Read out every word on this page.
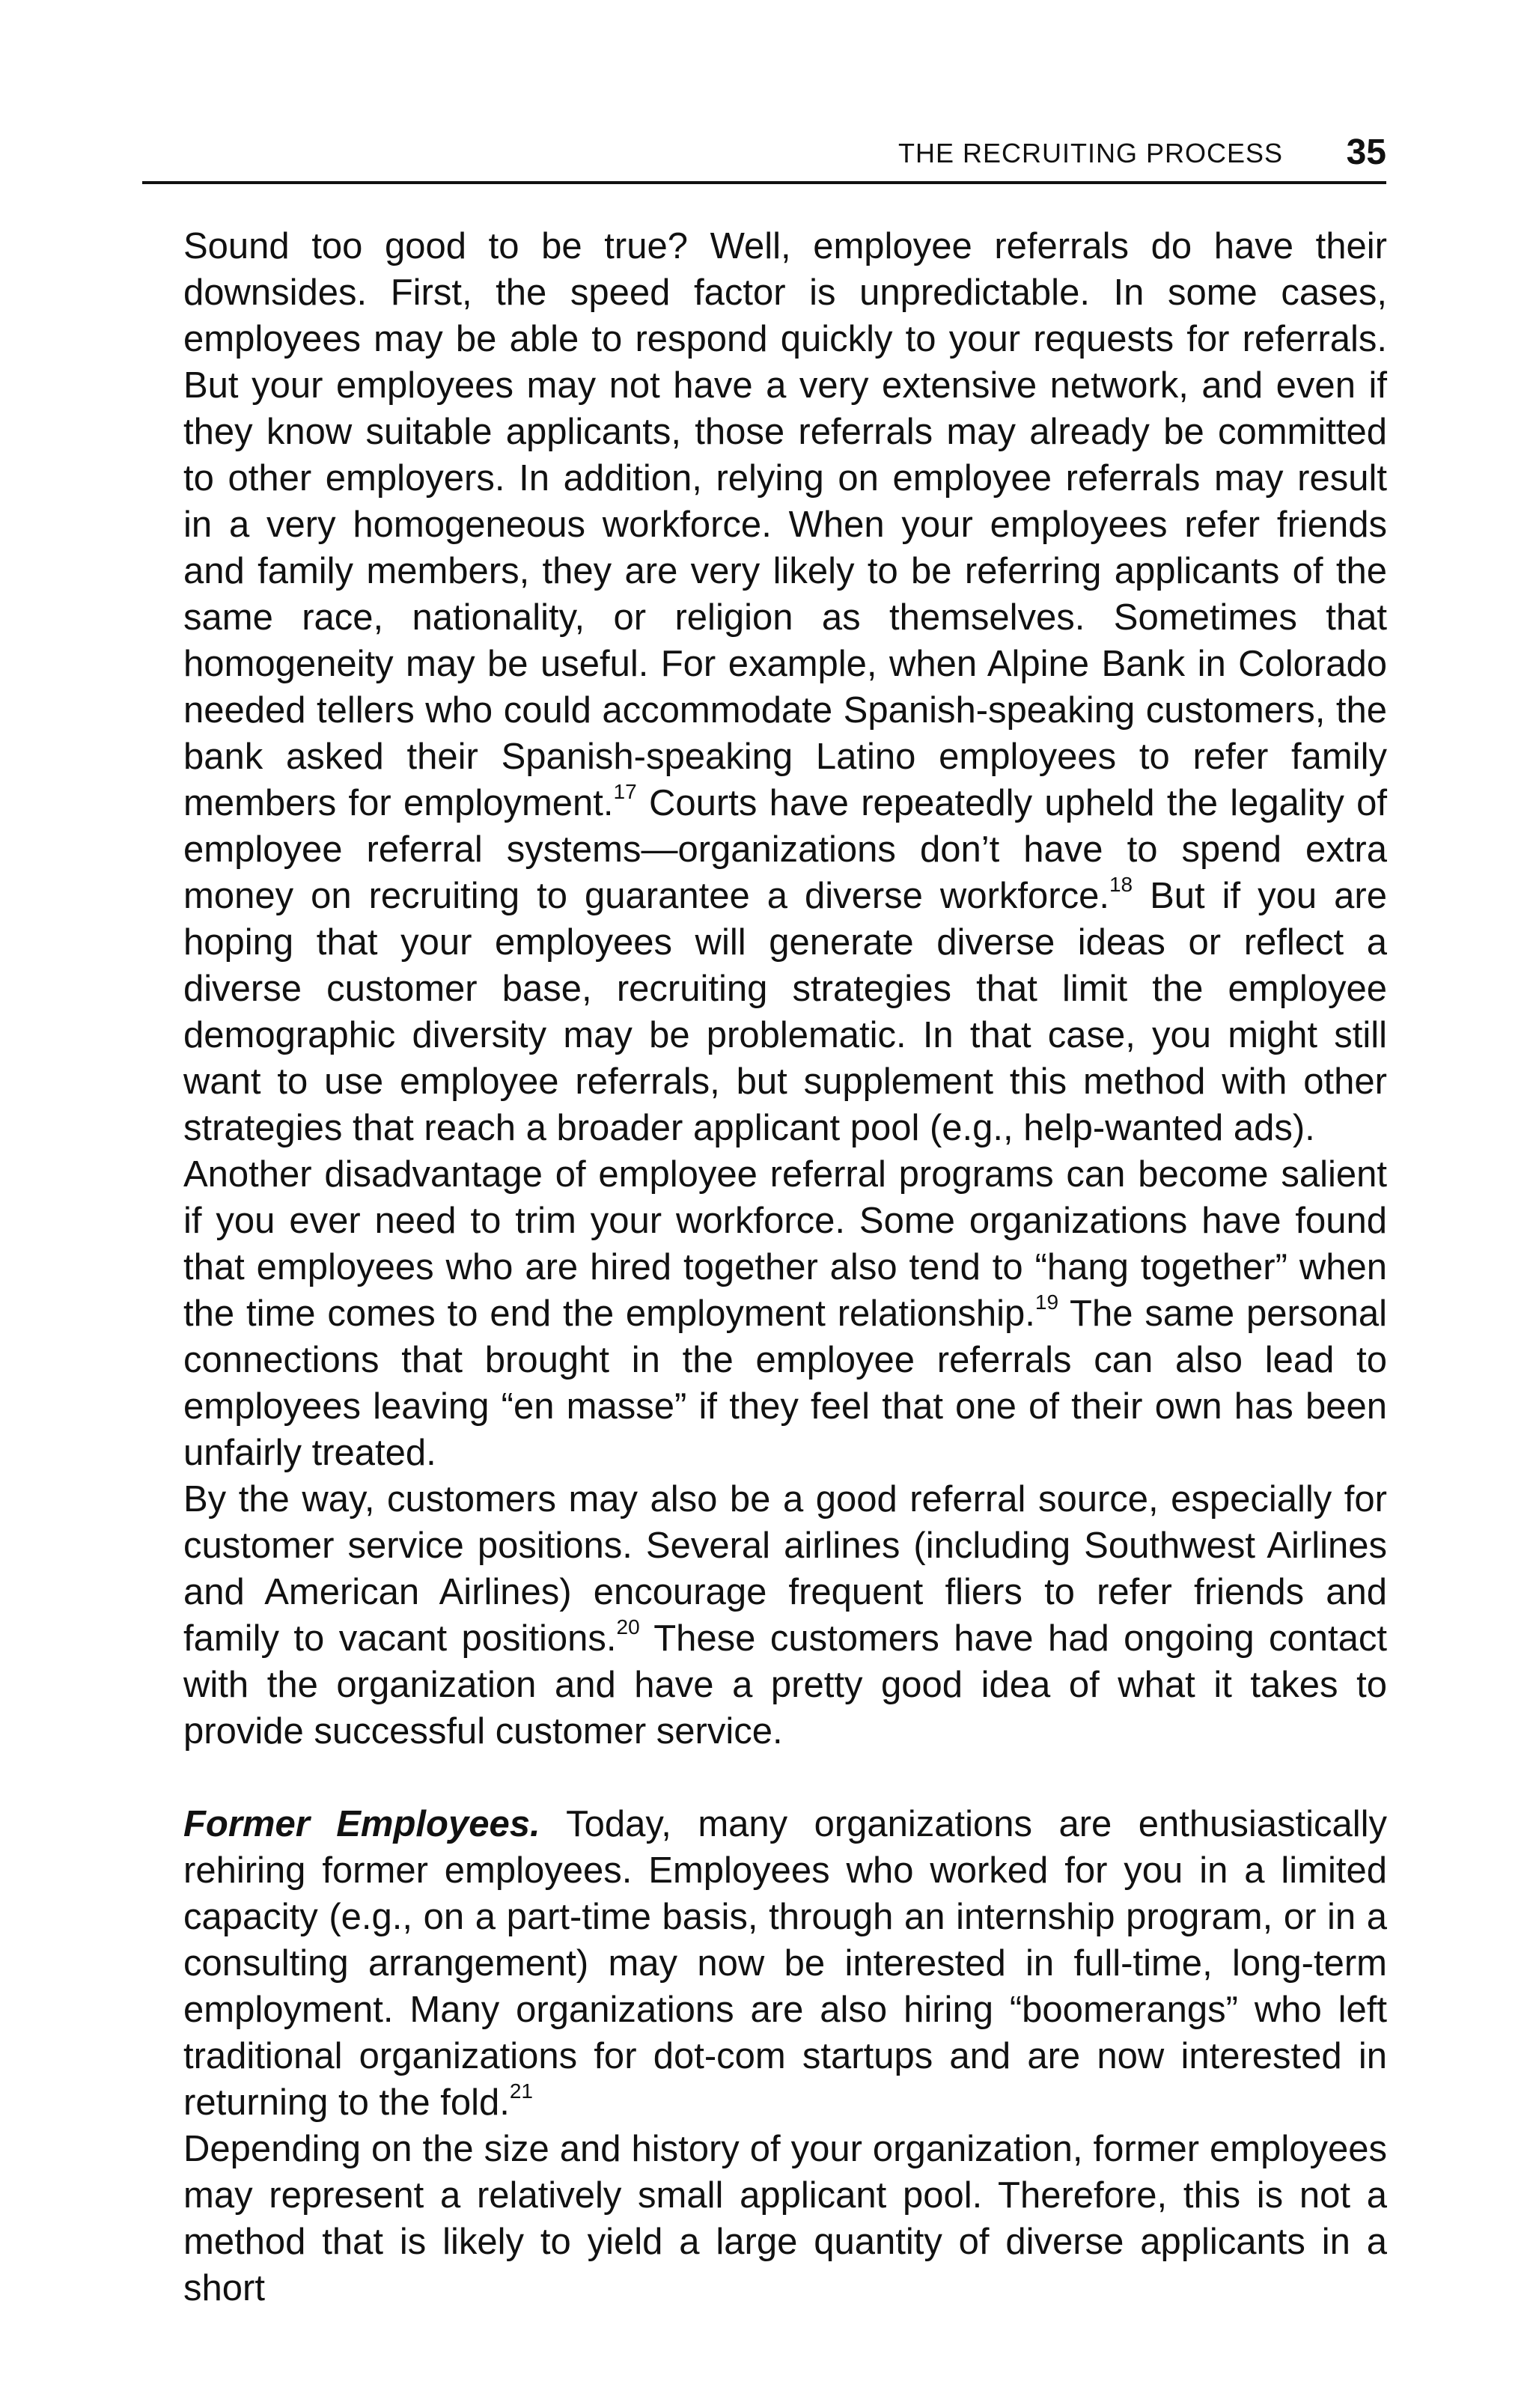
THE RECRUITING PROCESS 35

Sound too good to be true? Well, employee referrals do have their downsides. First, the speed factor is unpredictable. In some cases, employees may be able to respond quickly to your requests for referrals. But your employees may not have a very extensive network, and even if they know suitable applicants, those referrals may already be committed to other employers. In addition, relying on employee referrals may result in a very homogeneous workforce. When your employees refer friends and family members, they are very likely to be referring applicants of the same race, nationality, or religion as themselves. Sometimes that homogeneity may be useful. For example, when Alpine Bank in Colorado needed tellers who could accommodate Spanish-speaking customers, the bank asked their Spanish-speaking Latino employees to refer family members for employment.$^{17}$ Courts have repeatedly upheld the legality of employee referral systems—organizations don’t have to spend extra money on recruiting to guarantee a diverse workforce.$^{18}$ But if you are hoping that your employees will generate diverse ideas or reflect a diverse customer base, recruiting strategies that limit the employee demographic diversity may be problematic. In that case, you might still want to use employee referrals, but supplement this method with other strategies that reach a broader applicant pool (e.g., help-wanted ads).

Another disadvantage of employee referral programs can become salient if you ever need to trim your workforce. Some organizations have found that employees who are hired together also tend to “hang together” when the time comes to end the employment relationship.$^{19}$ The same personal connections that brought in the employee referrals can also lead to employees leaving “en masse” if they feel that one of their own has been unfairly treated.

By the way, customers may also be a good referral source, especially for customer service positions. Several airlines (including Southwest Airlines and American Airlines) encourage frequent fliers to refer friends and family to vacant positions.$^{20}$ These customers have had ongoing contact with the organization and have a pretty good idea of what it takes to provide successful customer service.

Former Employees. Today, many organizations are enthusiastically rehiring former employees. Employees who worked for you in a limited capacity (e.g., on a part-time basis, through an internship program, or in a consulting arrangement) may now be interested in full-time, long-term employment. Many organizations are also hiring “boomerangs” who left traditional organizations for dot-com startups and are now interested in returning to the fold.$^{21}$

Depending on the size and history of your organization, former employees may represent a relatively small applicant pool. Therefore, this is not a method that is likely to yield a large quantity of diverse applicants in a short
